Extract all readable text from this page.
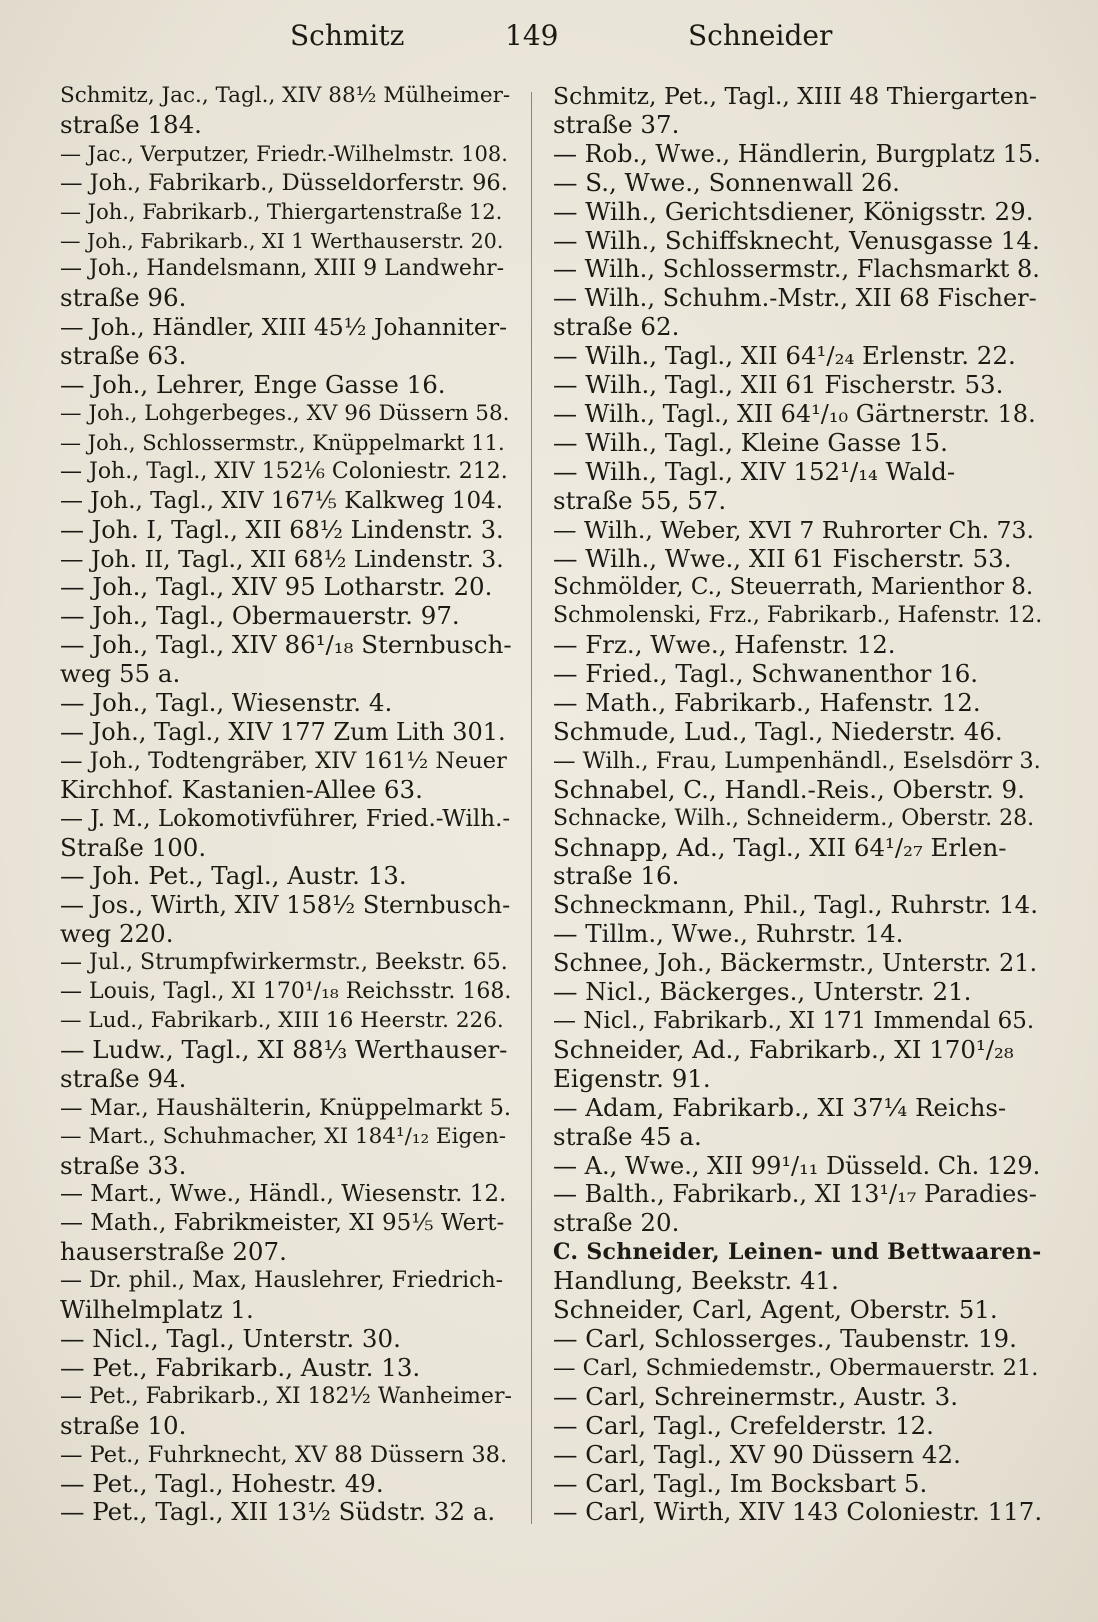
Schmitz	149	Schneider
Schmitz, Jac., Tagl., XIV 88½ Mülheimer-
straße 184.
— Jac., Verputzer, Friedr.-Wilhelmstr. 108.
— Joh., Fabrikarb., Düsseldorferstr. 96.
— Joh., Fabrikarb., Thiergartenstraße 12.
— Joh., Fabrikarb., XI 1 Werthauserstr. 20.
— Joh., Handelsmann, XIII 9 Landwehr-
straße 96.
— Joh., Händler, XIII 45½ Johanniter-
straße 63.
— Joh., Lehrer, Enge Gasse 16.
— Joh., Lohgerbeges., XV 96 Düssern 58.
— Joh., Schlossermstr., Knüppelmarkt 11.
— Joh., Tagl., XIV 152⅙ Coloniestr. 212.
— Joh., Tagl., XIV 167⅕ Kalkweg 104.
— Joh. I, Tagl., XII 68½ Lindenstr. 3.
— Joh. II, Tagl., XII 68½ Lindenstr. 3.
— Joh., Tagl., XIV 95 Lotharstr. 20.
— Joh., Tagl., Obermauerstr. 97.
— Joh., Tagl., XIV 86¹/₁₈ Sternbusch-
weg 55 a.
— Joh., Tagl., Wiesenstr. 4.
— Joh., Tagl., XIV 177 Zum Lith 301.
— Joh., Todtengräber, XIV 161½ Neuer
Kirchhof. Kastanien-Allee 63.
— J. M., Lokomotivführer, Fried.-Wilh.-
Straße 100.
— Joh. Pet., Tagl., Austr. 13.
— Jos., Wirth, XIV 158½ Sternbusch-
weg 220.
— Jul., Strumpfwirkermstr., Beekstr. 65.
— Louis, Tagl., XI 170¹/₁₈ Reichsstr. 168.
— Lud., Fabrikarb., XIII 16 Heerstr. 226.
— Ludw., Tagl., XI 88⅓ Werthauser-
straße 94.
— Mar., Haushälterin, Knüppelmarkt 5.
— Mart., Schuhmacher, XI 184¹/₁₂ Eigen-
straße 33.
— Mart., Wwe., Händl., Wiesenstr. 12.
— Math., Fabrikmeister, XI 95⅕ Wert-
hauserstraße 207.
— Dr. phil., Max, Hauslehrer, Friedrich-
Wilhelmplatz 1.
— Nicl., Tagl., Unterstr. 30.
— Pet., Fabrikarb., Austr. 13.
— Pet., Fabrikarb., XI 182½ Wanheimer-
straße 10.
— Pet., Fuhrknecht, XV 88 Düssern 38.
— Pet., Tagl., Hohestr. 49.
— Pet., Tagl., XII 13½ Südstr. 32 a.
Schmitz, Pet., Tagl., XIII 48 Thiergarten-
straße 37.
— Rob., Wwe., Händlerin, Burgplatz 15.
— S., Wwe., Sonnenwall 26.
— Wilh., Gerichtsdiener, Königsstr. 29.
— Wilh., Schiffsknecht, Venusgasse 14.
— Wilh., Schlossermstr., Flachsmarkt 8.
— Wilh., Schuhm.-Mstr., XII 68 Fischer-
straße 62.
— Wilh., Tagl., XII 64¹/₂₄ Erlenstr. 22.
— Wilh., Tagl., XII 61 Fischerstr. 53.
— Wilh., Tagl., XII 64¹/₁₀ Gärtnerstr. 18.
— Wilh., Tagl., Kleine Gasse 15.
— Wilh., Tagl., XIV 152¹/₁₄ Wald-
straße 55, 57.
— Wilh., Weber, XVI 7 Ruhrorter Ch. 73.
— Wilh., Wwe., XII 61 Fischerstr. 53.
Schmölder, C., Steuerrath, Marienthor 8.
Schmolenski, Frz., Fabrikarb., Hafenstr. 12.
— Frz., Wwe., Hafenstr. 12.
— Fried., Tagl., Schwanenthor 16.
— Math., Fabrikarb., Hafenstr. 12.
Schmude, Lud., Tagl., Niederstr. 46.
— Wilh., Frau, Lumpenhändl., Eselsdörr 3.
Schnabel, C., Handl.-Reis., Oberstr. 9.
Schnacke, Wilh., Schneiderm., Oberstr. 28.
Schnapp, Ad., Tagl., XII 64¹/₂₇ Erlen-
straße 16.
Schneckmann, Phil., Tagl., Ruhrstr. 14.
— Tillm., Wwe., Ruhrstr. 14.
Schnee, Joh., Bäckermstr., Unterstr. 21.
— Nicl., Bäckerges., Unterstr. 21.
— Nicl., Fabrikarb., XI 171 Immendal 65.
Schneider, Ad., Fabrikarb., XI 170¹/₂₈
Eigenstr. 91.
— Adam, Fabrikarb., XI 37¼ Reichs-
straße 45 a.
— A., Wwe., XII 99¹/₁₁ Düsseld. Ch. 129.
— Balth., Fabrikarb., XI 13¹/₁₇ Paradies-
straße 20.
C. Schneider, Leinen- und Bettwaaren-
Handlung, Beekstr. 41.
Schneider, Carl, Agent, Oberstr. 51.
— Carl, Schlosserges., Taubenstr. 19.
— Carl, Schmiedemstr., Obermauerstr. 21.
— Carl, Schreinermstr., Austr. 3.
— Carl, Tagl., Crefelderstr. 12.
— Carl, Tagl., XV 90 Düssern 42.
— Carl, Tagl., Im Bocksbart 5.
— Carl, Wirth, XIV 143 Coloniestr. 117.
